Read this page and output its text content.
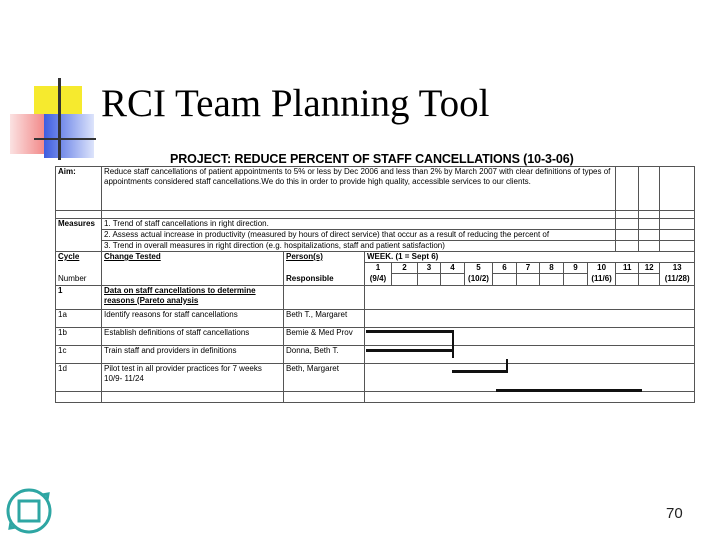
RCI Team Planning Tool
PROJECT: REDUCE PERCENT OF STAFF CANCELLATIONS (10-3-06)
Aim:	Reduce staff cancellations of patient appointments to 5% or less by Dec 2006 and less than 2% by March 2007 with clear definitions of types of appointments considered staff cancellations.We do this in order to provide high quality, accessible services to our clients.														

Measures	1. Trend of staff cancellations in right direction.														
	2. Assess actual increase in productivity (measured by hours of direct service) that occur as a result of reducing the percent of														
	3. Trend in overall measures in right direction (e.g. hospitalizations, staff and patient satisfaction)														
Cycle	Change Tested	Person(s)	WEEK. (1 = Sept 6)												
			1	2	3	4	5	6	7	8	9	10	11	12	13
Number		Responsible	(9/4)				(10/2)					(11/6)			(11/28)
1	Data on staff cancellations to determine reasons (Pareto analysis														
1a	Identify reasons for staff cancellations	Beth T., Margaret													
1b	Establish definitions of staff cancellations	Bemie & Med Prov													
1c	Train staff and providers in definitions	Donna, Beth T.													
1d	Pilot test in all provider practices for 7 weeks 10/9- 11/24	Beth, Margaret													

70
